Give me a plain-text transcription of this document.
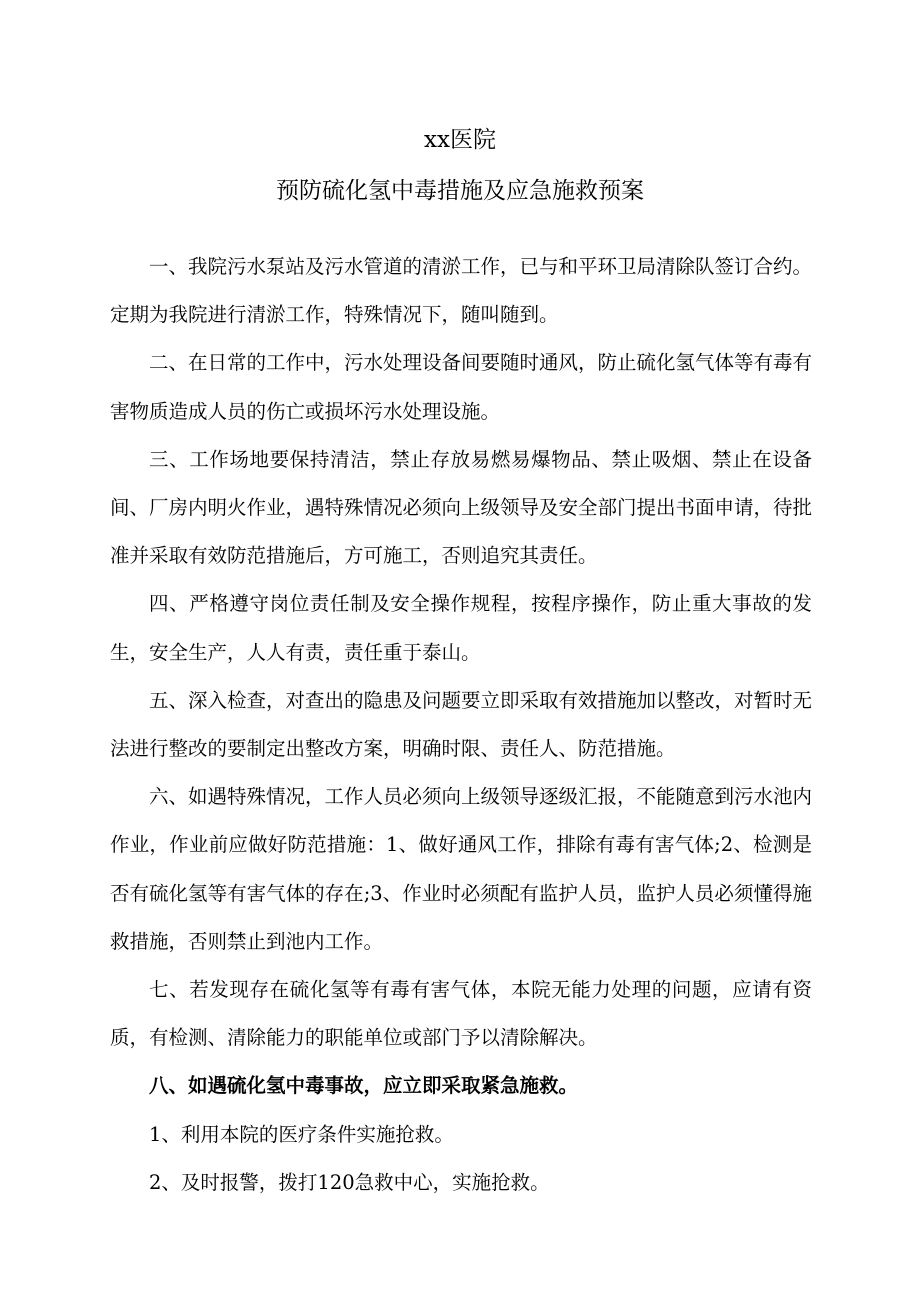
xx医院
预防硫化氢中毒措施及应急施救预案

一、我院污水泵站及污水管道的清淤工作，已与和平环卫局清除队签订合约。定期为我院进行清淤工作，特殊情况下，随叫随到。

二、在日常的工作中，污水处理设备间要随时通风，防止硫化氢气体等有毒有害物质造成人员的伤亡或损坏污水处理设施。

三、工作场地要保持清洁，禁止存放易燃易爆物品、禁止吸烟、禁止在设备间、厂房内明火作业，遇特殊情况必须向上级领导及安全部门提出书面申请，待批准并采取有效防范措施后，方可施工，否则追究其责任。

四、严格遵守岗位责任制及安全操作规程，按程序操作，防止重大事故的发生，安全生产，人人有责，责任重于泰山。

五、深入检查，对查出的隐患及问题要立即采取有效措施加以整改，对暂时无法进行整改的要制定出整改方案，明确时限、责任人、防范措施。

六、如遇特殊情况，工作人员必须向上级领导逐级汇报，不能随意到污水池内作业，作业前应做好防范措施：1、做好通风工作，排除有毒有害气体;2、检测是否有硫化氢等有害气体的存在;3、作业时必须配有监护人员，监护人员必须懂得施救措施，否则禁止到池内工作。

七、若发现存在硫化氢等有毒有害气体，本院无能力处理的问题，应请有资质，有检测、清除能力的职能单位或部门予以清除解决。

八、如遇硫化氢中毒事故，应立即采取紧急施救。

1、利用本院的医疗条件实施抢救。

2、及时报警，拨打120急救中心，实施抢救。
